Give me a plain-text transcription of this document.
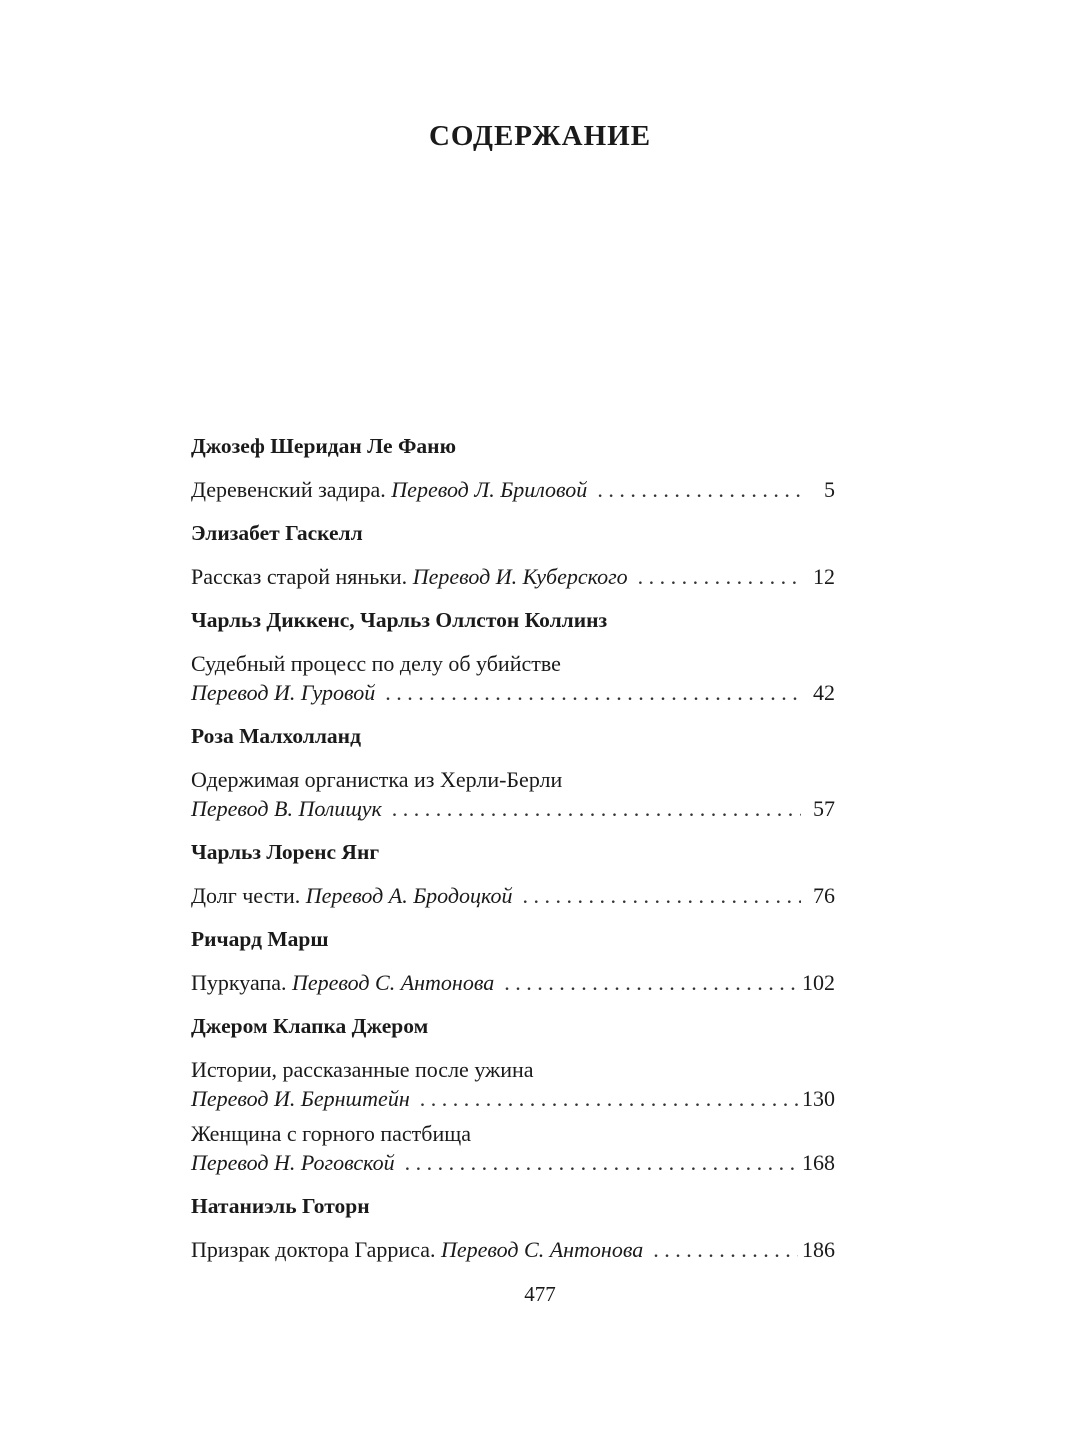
СОДЕРЖАНИЕ
Джозеф Шеридан Ле Фаню
Деревенский задира. Перевод Л. Бриловой . . .	5
Элизабет Гаскелл
Рассказ старой няньки. Перевод И. Куберского . . .	12
Чарльз Диккенс, Чарльз Оллстон Коллинз
Судебный процесс по делу об убийстве
Перевод И. Гуровой . . .	42
Роза Малхолланд
Одержимая органистка из Херли-Берли
Перевод В. Полищук . . .	57
Чарльз Лоренс Янг
Долг чести. Перевод А. Бродоцкой . . .	76
Ричард Марш
Пуркуапа. Перевод С. Антонова . . .	102
Джером Клапка Джером
Истории, рассказанные после ужина
Перевод И. Бернштейн . . .	130
Женщина с горного пастбища
Перевод Н. Роговской . . .	168
Натаниэль Готорн
Призрак доктора Гарриса. Перевод С. Антонова . . .	186
477
